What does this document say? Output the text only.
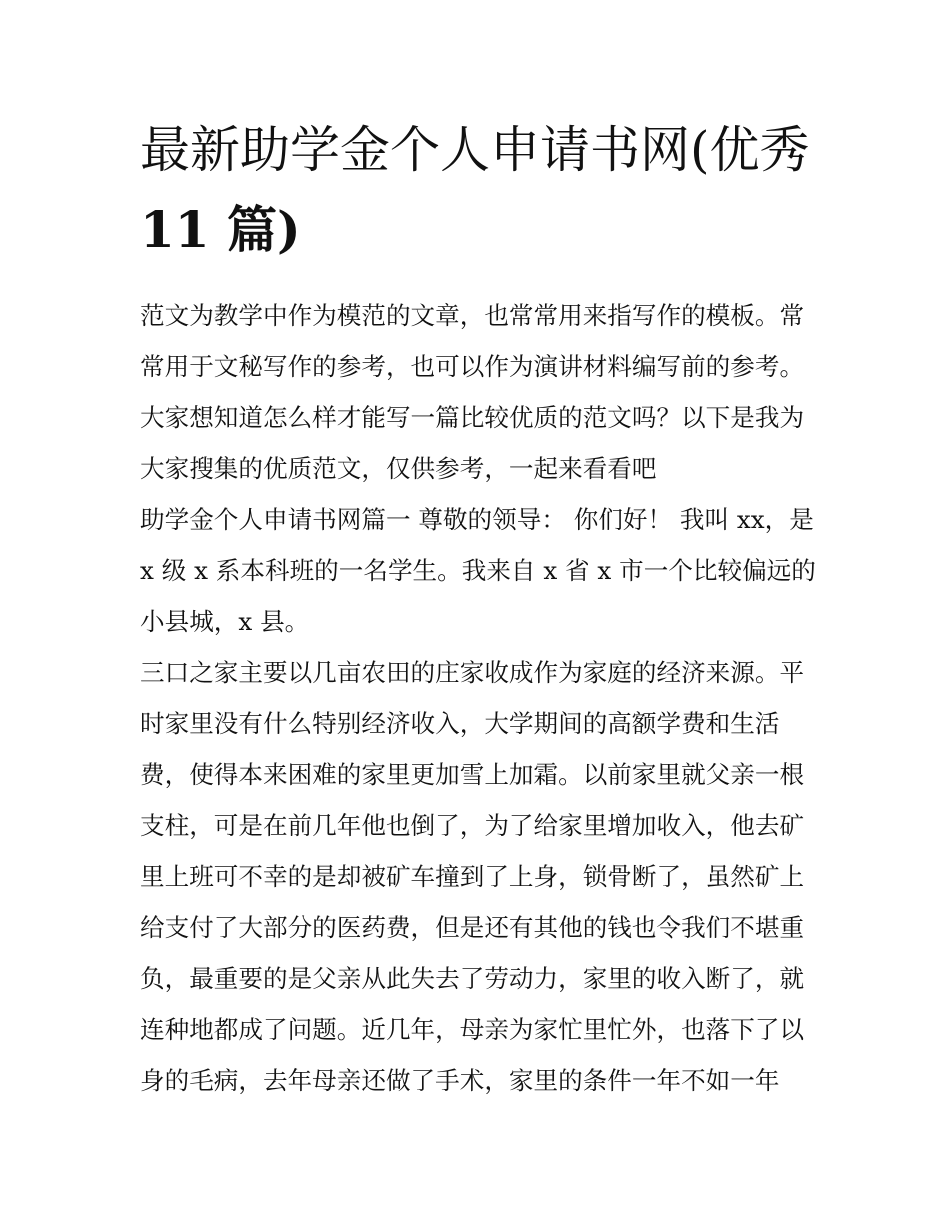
最新助学金个人申请书网(优秀
11 篇)

范文为教学中作为模范的文章，也常常用来指写作的模板。常
常用于文秘写作的参考，也可以作为演讲材料编写前的参考。
大家想知道怎么样才能写一篇比较优质的范文吗？以下是我为
大家搜集的优质范文，仅供参考，一起来看看吧

助学金个人申请书网篇一 尊敬的领导： 你们好！ 我叫 xx，是
x 级 x 系本科班的一名学生。我来自 x 省 x 市一个比较偏远的
小县城，x 县。

三口之家主要以几亩农田的庄家收成作为家庭的经济来源。平
时家里没有什么特别经济收入，大学期间的高额学费和生活
费，使得本来困难的家里更加雪上加霜。以前家里就父亲一根
支柱，可是在前几年他也倒了，为了给家里增加收入，他去矿
里上班可不幸的是却被矿车撞到了上身，锁骨断了，虽然矿上
给支付了大部分的医药费，但是还有其他的钱也令我们不堪重
负，最重要的是父亲从此失去了劳动力，家里的收入断了，就
连种地都成了问题。近几年，母亲为家忙里忙外，也落下了以
身的毛病，去年母亲还做了手术，家里的条件一年不如一年
